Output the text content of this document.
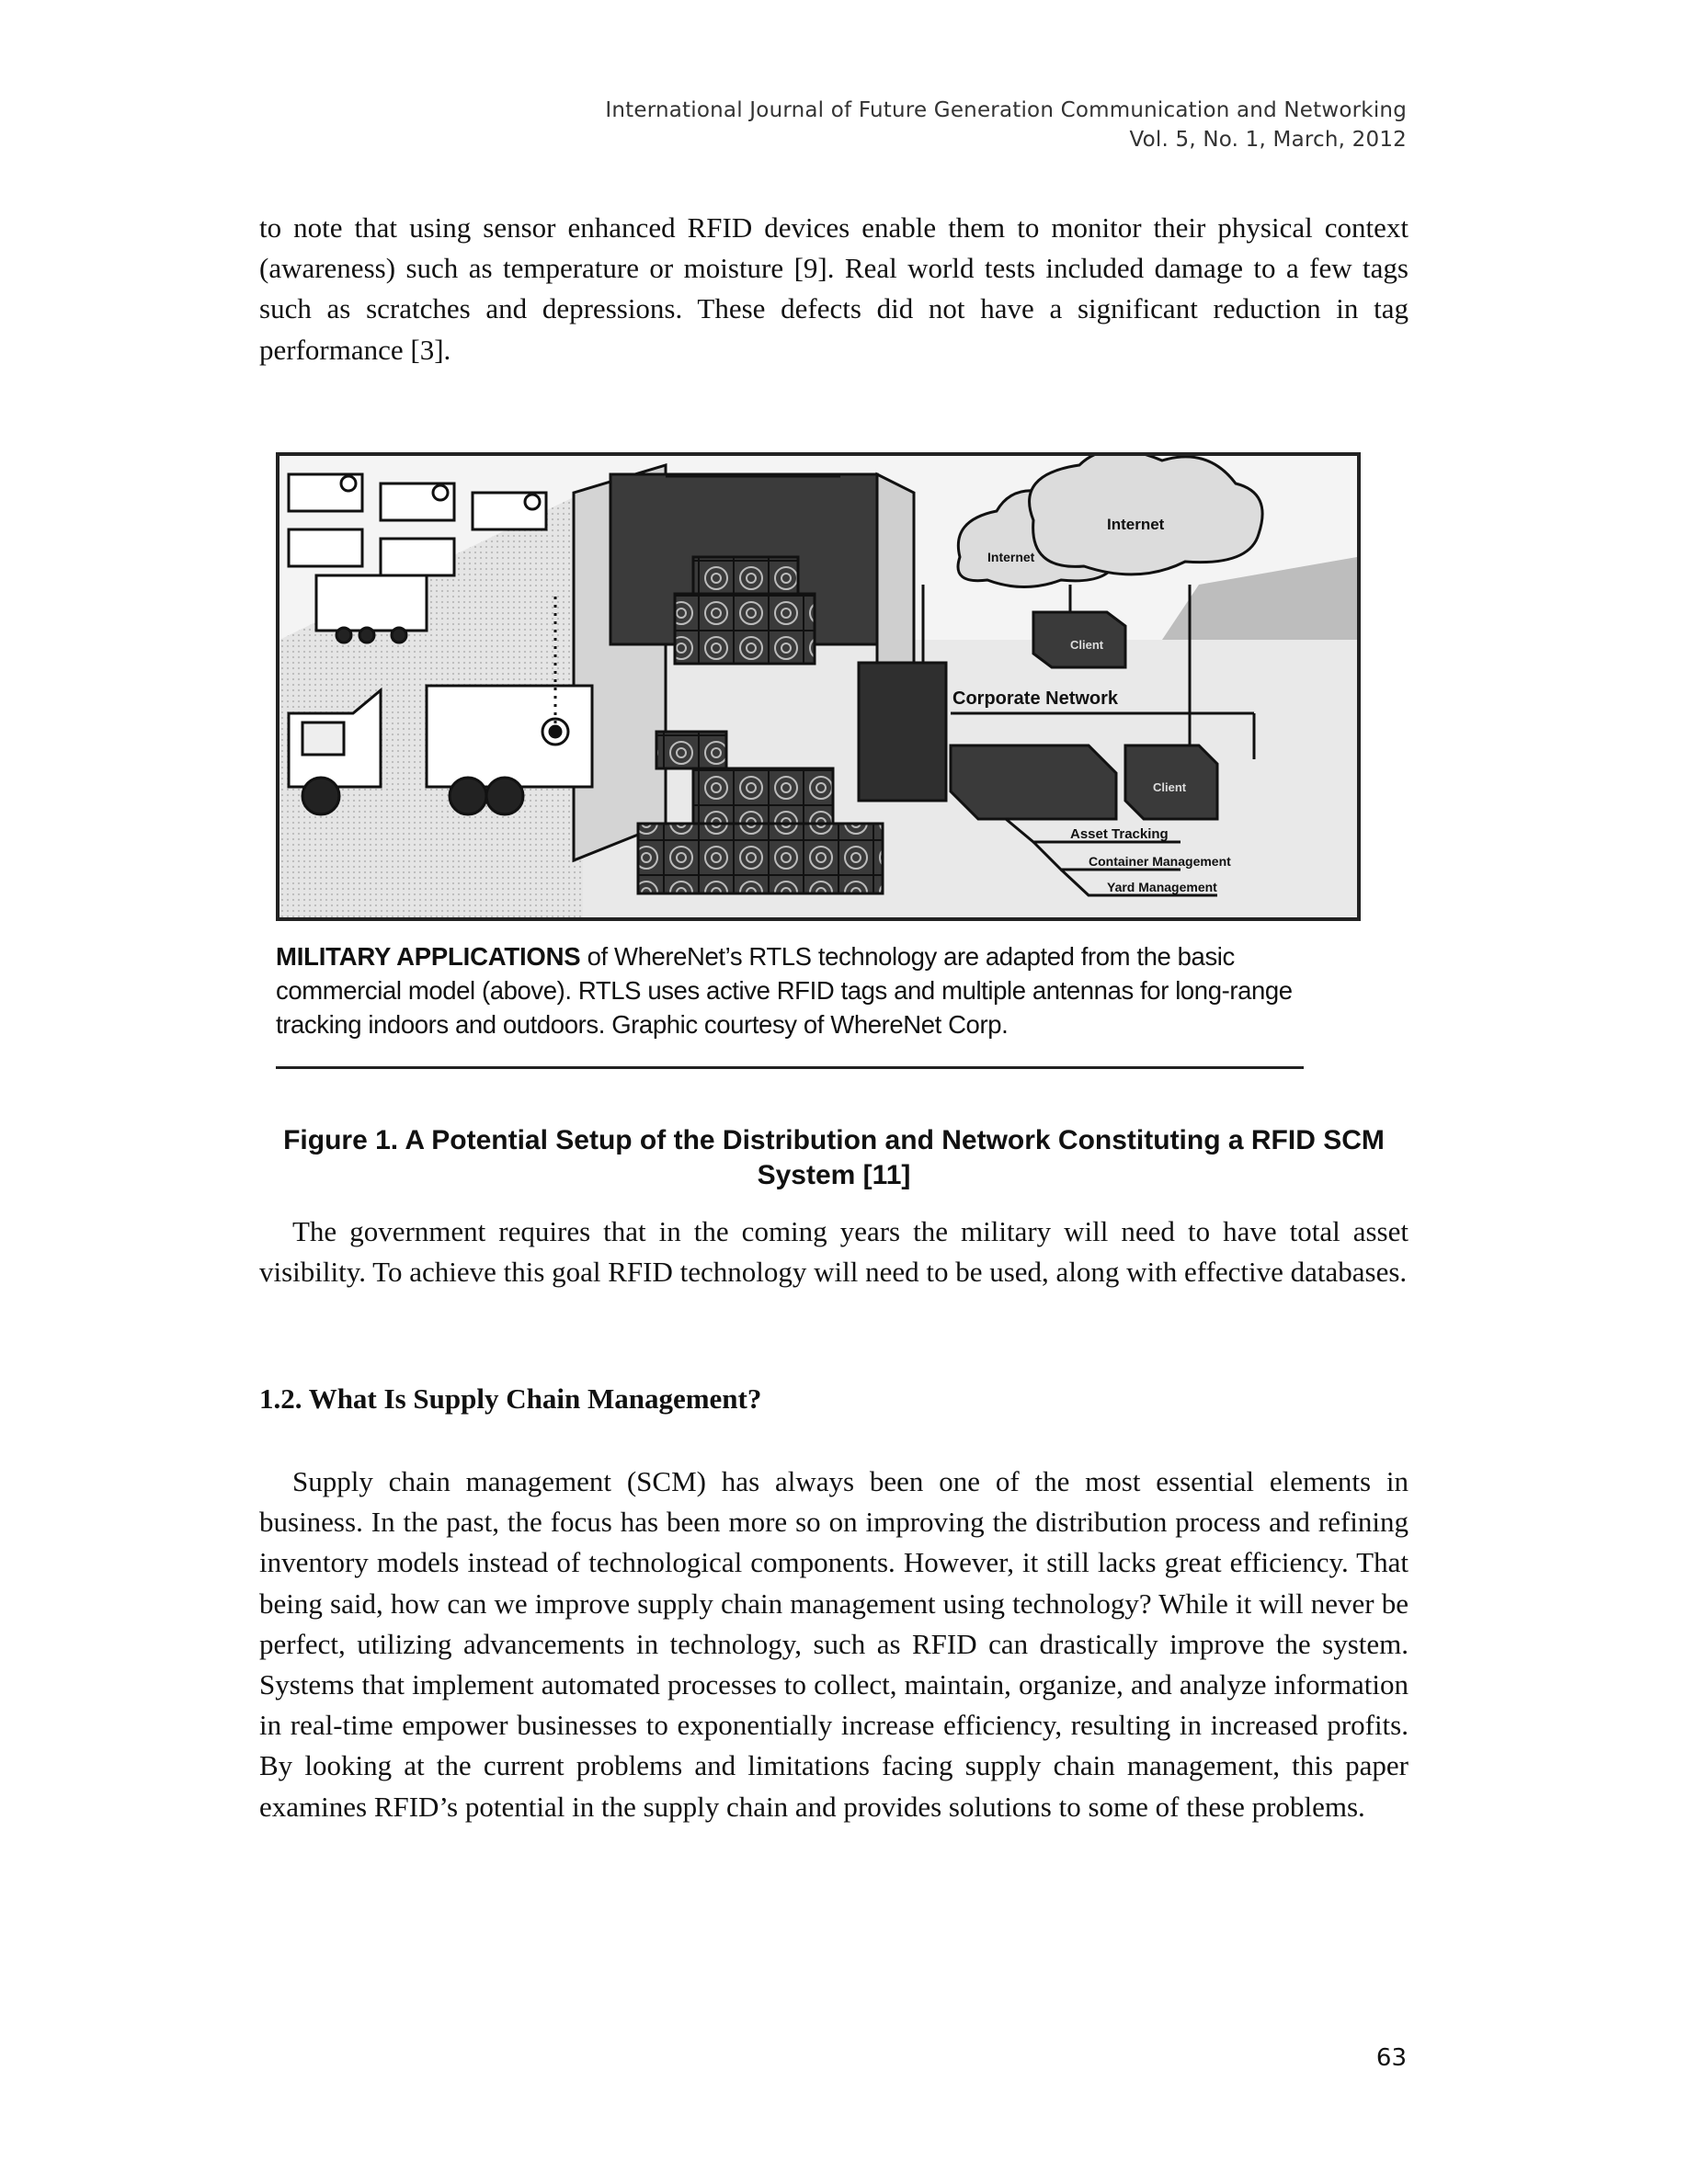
International Journal of Future Generation Communication and Networking
Vol. 5, No. 1, March, 2012

to note that using sensor enhanced RFID devices enable them to monitor their physical context (awareness) such as temperature or moisture [9]. Real world tests included damage to a few tags such as scratches and depressions. These defects did not have a significant reduction in tag performance [3].

Internet
Internet
Client
Corporate Network
Client
Asset Tracking
Container Management
Yard Management
MILITARY APPLICATIONS of WhereNet’s RTLS technology are adapted from the basic commercial model (above). RTLS uses active RFID tags and multiple antennas for long-range tracking indoors and outdoors. Graphic courtesy of WhereNet Corp.
Figure 1. A Potential Setup of the Distribution and Network Constituting a RFID SCM System [11]

The government requires that in the coming years the military will need to have total asset visibility. To achieve this goal RFID technology will need to be used, along with effective databases.

1.2. What Is Supply Chain Management?

Supply chain management (SCM) has always been one of the most essential elements in business. In the past, the focus has been more so on improving the distribution process and refining inventory models instead of technological components. However, it still lacks great efficiency. That being said, how can we improve supply chain management using technology? While it will never be perfect, utilizing advancements in technology, such as RFID can drastically improve the system. Systems that implement automated processes to collect, maintain, organize, and analyze information in real-time empower businesses to exponentially increase efficiency, resulting in increased profits. By looking at the current problems and limitations facing supply chain management, this paper examines RFID’s potential in the supply chain and provides solutions to some of these problems.

63
